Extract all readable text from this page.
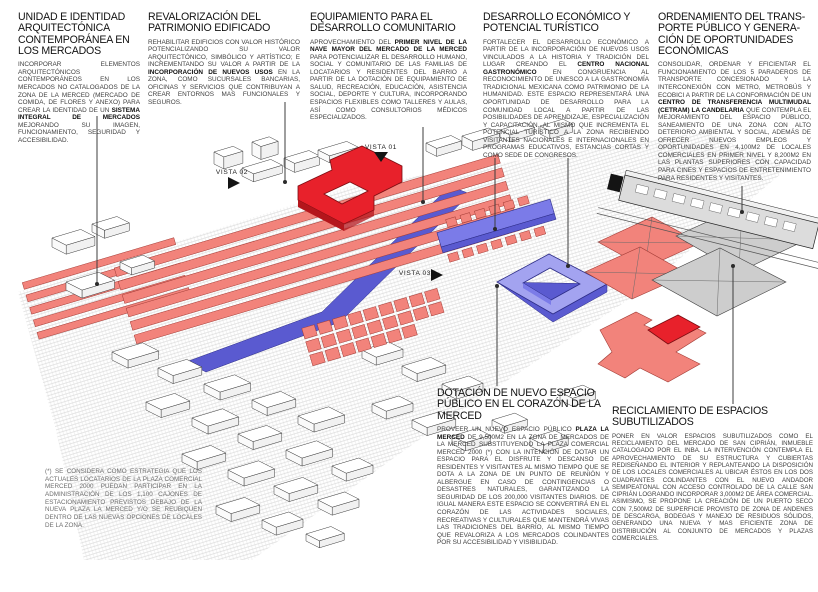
VISTA 01
VISTA 02
VISTA 03
UNIDAD E IDENTIDAD ARQUITECTÓNICA CONTEMPORÁNEA EN LOS MERCADOS

INCORPORAR ELEMENTOS ARQUITECTÓNICOS CONTEMPORÁNEOS EN LOS MERCADOS NO CATALOGADOS DE LA ZONA DE LA MERCED (MERCADO DE COMIDA, DE FLORES Y ANEXO) PARA CREAR LA IDENTIDAD DE UN SISTEMA INTEGRAL DE MERCADOS MEJORANDO SU IMAGEN, FUNCIONAMIENTO, SEGURIDAD Y ACCESIBILIDAD.

REVALORIZACIÓN DEL PATRIMONIO EDIFICADO

REHABILITAR EDIFICIOS CON VALOR HISTÓRICO POTENCIALIZANDO SU VALOR ARQUITECTÓNICO, SIMBÓLICO Y ARTÍSTICO; E INCREMENTANDO SU VALOR A PARTIR DE LA INCORPORACIÓN DE NUEVOS USOS EN LA ZONA, COMO SUCURSALES BANCARIAS, OFICINAS Y SERVICIOS QUE CONTRIBUYAN A CREAR ENTORNOS MAS FUNCIONALES Y SEGUROS.

EQUIPAMIENTO PARA EL DESARROLLO COMUNITARIO

APROVECHAMIENTO DEL PRIMER NIVEL DE LA NAVE MAYOR DEL MERCADO DE LA MERCED PARA POTENCIALIZAR EL DESARROLLO HUMANO, SOCIAL Y COMUNITARIO DE LAS FAMILIAS DE LOCATARIOS Y RESIDENTES DEL BARRIO A PARTIR DE LA DOTACIÓN DE EQUIPAMIENTO DE SALUD, RECREACIÓN, EDUCACIÓN, ASISTENCIA SOCIAL, DEPORTE Y CULTURA, INCORPORANDO ESPACIOS FLEXIBLES COMO TALLERES Y AULAS, ASÍ COMO CONSULTORIOS MÉDICOS ESPECIALIZADOS.

DESARROLLO ECONÓMICO Y POTENCIAL TURÍSTICO

FORTALECER EL DESARROLLO ECONÓMICO A PARTIR DE LA INCORPORACIÓN DE NUEVOS USOS VINCULADOS A LA HISTORIA Y TRADICIÓN DEL LUGAR CREANDO EL CENTRO NACIONAL GASTRONÓMICO EN CONGRUENCIA AL RECONOCIMIENTO DE UNESCO A LA GASTRONOMÍA TRADICIONAL MEXICANA COMO PATRIMONIO DE LA HUMANIDAD. ESTE ESPACIO REPRESENTARÁ UNA OPORTUNIDAD DE DESARROLLO PARA LA COMUNIDAD LOCAL A PARTIR DE LAS POSIBILIDADES DE APRENDIZAJE, ESPECIALIZACIÓN Y CAPACITACIÓN, AL MISMO QUE INCREMENTA EL POTENCIAL TURÍSTICO A LA ZONA RECIBIENDO VISITANTES NACIONALES E INTERNACIONALES EN PROGRAMAS EDUCATIVOS, ESTANCIAS CORTAS Y COMO SEDE DE CONGRESOS.

ORDENAMIENTO DEL TRANS-PORTE PÚBLICO Y GENERA-CIÓN DE OPORTUNIDADES ECONÓMICAS

CONSOLIDAR, ORDENAR Y EFICIENTAR EL FUNCIONAMIENTO DE LOS 5 PARADEROS DE TRANSPORTE CONCESIONADO Y LA INTERCONEXIÓN CON METRO, METROBÚS Y ECOBICI A PARTIR DE LA CONFORMACIÓN DE UN CENTRO DE TRANSFERENCIA MULTIMUDAL (CETRAM) LA CANDELARIA QUE CONTEMPLA EL MEJORAMIENTO DEL ESPACIO PÚBLICO, SANEAMIENTO DE UNA ZONA CON ALTO DETERIORO AMBIENTAL Y SOCIAL, ADEMÁS DE OFRECER NUEVOS EMPLEOS Y OPORTUNIDADES EN 4,100M2 DE LOCALES COMERCIALES EN PRIMER NIVEL Y 8,200M2 EN LAS PLANTAS SUPERIORES CON CAPACIDAD PARA CINES Y ESPACIOS DE ENTRETENIMIENTO PARA RESIDENTES Y VISITANTES.

DOTACIÓN DE NUEVO ESPACIO PÚBLICO EN EL CORAZÓN DE LA MERCED

PROVEER UN NUEVO ESPACIO PÚBLICO PLAZA LA MERCED DE 9,500M2 EN LA ZONA DE MERCADOS DE LA MERCED SUBSTITUYENDO LA PLAZA COMERCIAL MERCED 2000 (*) CON LA INTENCIÓN DE DOTAR UN ESPACIO PARA EL DISFRUTE Y DESCANSO DE RESIDENTES Y VISITANTES AL MISMO TIEMPO QUE SE DOTA A LA ZONA DE UN PUNTO DE REUNIÓN Y ALBERGUE EN CASO DE CONTINGENCIAS O DESASTRES NATURALES, GARANTIZANDO LA SEGURIDAD DE LOS 200,000 VISITANTES DIARIOS. DE IGUAL MANERA ESTE ESPACIO SE CONVERTIRÁ EN EL CORAZÓN DE LAS ACTIVIDADES SOCIALES, RECREATIVAS Y CULTURALES QUE MANTENDRÁ VIVAS LAS TRADICIONES DEL BARRIO, AL MISMO TIEMPO QUE REVALORIZA A LOS MERCADOS COLINDANTES POR SU ACCESIBILIDAD Y VISIBILIDAD.

RECICLAMIENTO DE ESPACIOS SUBUTILIZADOS

PONER EN VALOR ESPACIOS SUBUTILIZADOS COMO EL RECICLAMIENTO DEL MERCADO DE SAN CIPRIÁN, INMUEBLE CATALOGADO POR EL INBA. LA INTERVENCIÓN CONTEMPLA EL APROVECHAMIENTO DE SU ESTRUCTURA Y CUBIERTAS REDISEÑANDO EL INTERIOR Y REPLANTEANDO LA DISPOSICIÓN DE LOS LOCALES COMERCIALES AL UBICAR ÉSTOS EN LOS DOS CUADRANTES COLINDANTES CON EL NUEVO ANDADOR SEMIPEATONAL CON ACCESO CONTROLADO DE LA CALLE SAN CIPRIÁN LOGRANDO INCORPORAR 3,000M2 DE ÁREA COMERCIAL. ASIMISMO, SE PROPONE LA CREACIÓN DE UN PUERTO SECO CON 7,500M2 DE SUPERFICIE PROVISTO DE ZONA DE ANDENES DE DESCARGA, BODEGAS Y MANEJO DE RESIDUOS SÓLIDOS, GENERANDO UNA NUEVA Y MAS EFICIENTE ZONA DE DISTRIBUCIÓN AL CONJUNTO DE MERCADOS Y PLAZAS COMERCIALES.

(*) SE CONSIDERA COMO ESTRATEGIA QUE LOS ACTUALES LOCATARIOS DE LA PLAZA COMERCIAL MERCED 2000 PUEDAN PARTICIPAR EN LA ADMINISTRACIÓN DE LOS 1,100 CAJONES DE ESTACIONAMIENTO PREVISTOS DEBAJO DE LA NUEVA PLAZA LA MERCED Y/O SE REUBIQUEN DENTRO DE LAS NUEVAS OPCIONES DE LOCALES DE LA ZONA.
